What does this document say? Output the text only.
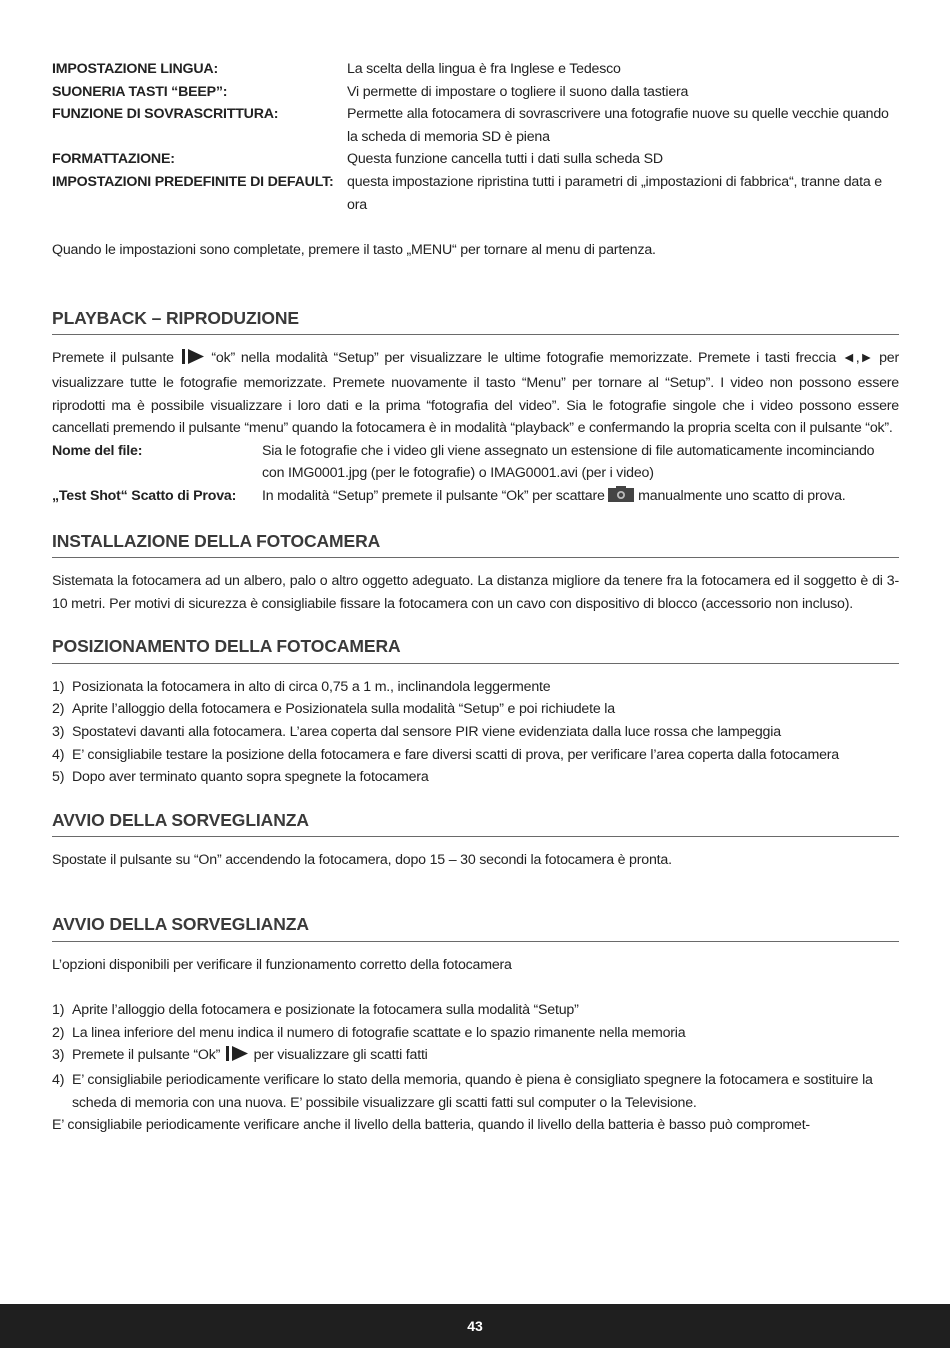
IMPOSTAZIONE LINGUA:	La scelta della lingua è fra Inglese e Tedesco
SUONERIA TASTI “BEEP”:	Vi permette di impostare o togliere il suono dalla tastiera
FUNZIONE DI SOVRASCRITTURA:	Permette alla fotocamera di sovrascrivere una fotografie nuove su quelle vecchie quando la scheda di memoria SD è piena
FORMATTAZIONE:	Questa funzione cancella tutti i dati sulla scheda SD
IMPOSTAZIONI PREDEFINITE DI DEFAULT: questa impostazione ripristina tutti i parametri di „impostazioni di fabbrica“, tranne data e ora

Quando le impostazioni sono completate, premere il tasto „MENU“ per tornare al menu di partenza.

PLAYBACK – RIPRODUZIONE

Premete il pulsante	“ok” nella modalità “Setup” per visualizzare le ultime fotografie memorizzate. Premete i tasti freccia ◄,► per visualizzare tutte le fotografie memorizzate. Premete nuovamente il tasto “Menu” per tornare al “Setup”. I video non possono essere riprodotti ma è possibile visualizzare i loro dati e la prima “fotografia del video”. Sia le fotografie singole che i video possono essere cancellati premendo il pulsante “menu” quando la fotocamera è in modalità “playback” e confermando la propria scelta con il pulsante “ok”.

Nome del file:	Sia le fotografie che i video gli viene assegnato un estensione di file automaticamente incominciando con IMG0001.jpg (per le fotografie) o IMAG0001.avi (per i video)
„Test Shot“ Scatto di Prova:	In modalità “Setup” premete il pulsante “Ok” per scattare manualmente uno scatto di prova.
INSTALLAZIONE DELLA FOTOCAMERA

Sistemata la fotocamera ad un albero, palo o altro oggetto adeguato. La distanza migliore da tenere fra la fotocamera ed il soggetto è di 3-10 metri. Per motivi di sicurezza è consigliabile fissare la fotocamera con un cavo con dispositivo di blocco (accessorio non incluso).

POSIZIONAMENTO DELLA FOTOCAMERA
1) Posizionata la fotocamera in alto di circa 0,75 a 1 m., inclinandola leggermente
2) Aprite l’alloggio della fotocamera e Posizionatela sulla modalità “Setup” e poi richiudete la
3) Spostatevi davanti alla fotocamera. L’area coperta dal sensore PIR viene evidenziata dalla luce rossa che lampeggia
4) E’ consigliabile testare la posizione della fotocamera e fare diversi scatti di prova, per verificare l’area coperta dalla fotocamera
5) Dopo aver terminato quanto sopra spegnete la fotocamera
AVVIO DELLA SORVEGLIANZA

Spostate il pulsante su “On” accendendo la fotocamera, dopo 15 – 30 secondi la fotocamera è pronta.

AVVIO DELLA SORVEGLIANZA

L’opzioni disponibili per verificare il funzionamento corretto della fotocamera

1) Aprite l’alloggio della fotocamera e posizionate la fotocamera sulla modalità “Setup”
2) La linea inferiore del menu indica il numero di fotografie scattate e lo spazio rimanente nella memoria
3) Premete il pulsante “Ok” per visualizzare gli scatti fatti
4) E’ consigliabile periodicamente verificare lo stato della memoria, quando è piena è consigliato spegnere la fotocamera e sostituire la scheda di memoria con una nuova. E’ possibile visualizzare gli scatti fatti sul computer o la Televisione.

E’ consigliabile periodicamente verificare anche il livello della batteria, quando il livello della batteria è basso può compromet-

43
